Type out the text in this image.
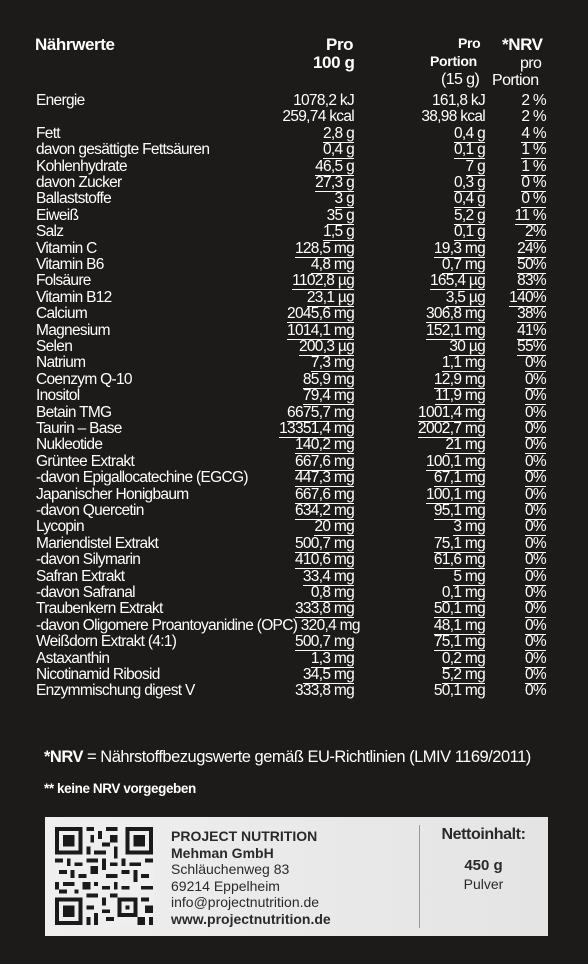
Nährwerte	Pro
100 g
Pro
Portion
(15 g)
*NRV
pro
Portion
Energie	1078,2 kJ	161,8 kJ 2 %
259,74 kcal	38,98 kcal 2 %
Fett	2,8 g	0,4 g 4 %
davon gesättigte Fettsäuren	0,4 g	0,1 g 1 %
Kohlenhydrate	46,5 g	7 g 1 %
davon Zucker	27,3 g	0,3 g 0 %
Ballaststoffe	3 g	0,4 g 0 %
Eiweiß	35 g	5,2 g 11 %
Salz	1,5 g	0,1 g	2%
Vitamin C	128,5 mg	19,3 mg 24%
Vitamin B6	4,8 mg	0,7 mg 50%
Folsäure	1102,8 µg	165,4 µg 83%
Vitamin B12	23,1 µg	3,5 µg 140%
Calcium	2045,6 mg	306,8 mg 38%
Magnesium	1014,1 mg	152,1 mg 41%
Selen	200,3 µg	30 µg 55%
Natrium	7,3 mg	1,1 mg	0%
Coenzym Q-10	85,9 mg	12,9 mg	0%
Inositol	79,4 mg	11,9 mg	0%
Betain TMG	6675,7 mg	1001,4 mg	0%
Taurin – Base	13351,4 mg	2002,7 mg	0%
Nukleotide	140,2 mg	21 mg	0%
Grüntee Extrakt	667,6 mg	100,1 mg	0%
-davon Epigallocatechine (EGCG)	447,3 mg	67,1 mg	0%
Japanischer Honigbaum	667,6 mg	100,1 mg	0%
-davon Quercetin	634,2 mg	95,1 mg	0%
Lycopin	20 mg	3 mg	0%
Mariendistel Extrakt	500,7 mg	75,1 mg	0%
-davon Silymarin	410,6 mg	61,6 mg	0%
Safran Extrakt	33,4 mg	5 mg	0%
-davon Safranal	0,8 mg	0,1 mg	0%
Traubenkern Extrakt	333,8 mg	50,1 mg	0%
-davon Oligomere Proantoyanidine (OPC) 320,4 mg	48,1 mg	0%
Weißdorn Extrakt (4:1)	500,7 mg	75,1 mg	0%
Astaxanthin	1,3 mg	0,2 mg	0%
Nicotinamid Ribosid	34,5 mg	5,2 mg	0%
Enzymmischung digest V	333,8 mg	50,1 mg	0%
*NRV = Nährstoffbezugswerte gemäß EU-Richtlinien (LMIV 1169/2011)
** keine NRV vorgegeben
PROJECT NUTRITION
Mehman GmbH
Schläuchenweg 83
69214 Eppelheim
info@projectnutrition.de
www.projectnutrition.de
Nettoinhalt:
450 g
Pulver
